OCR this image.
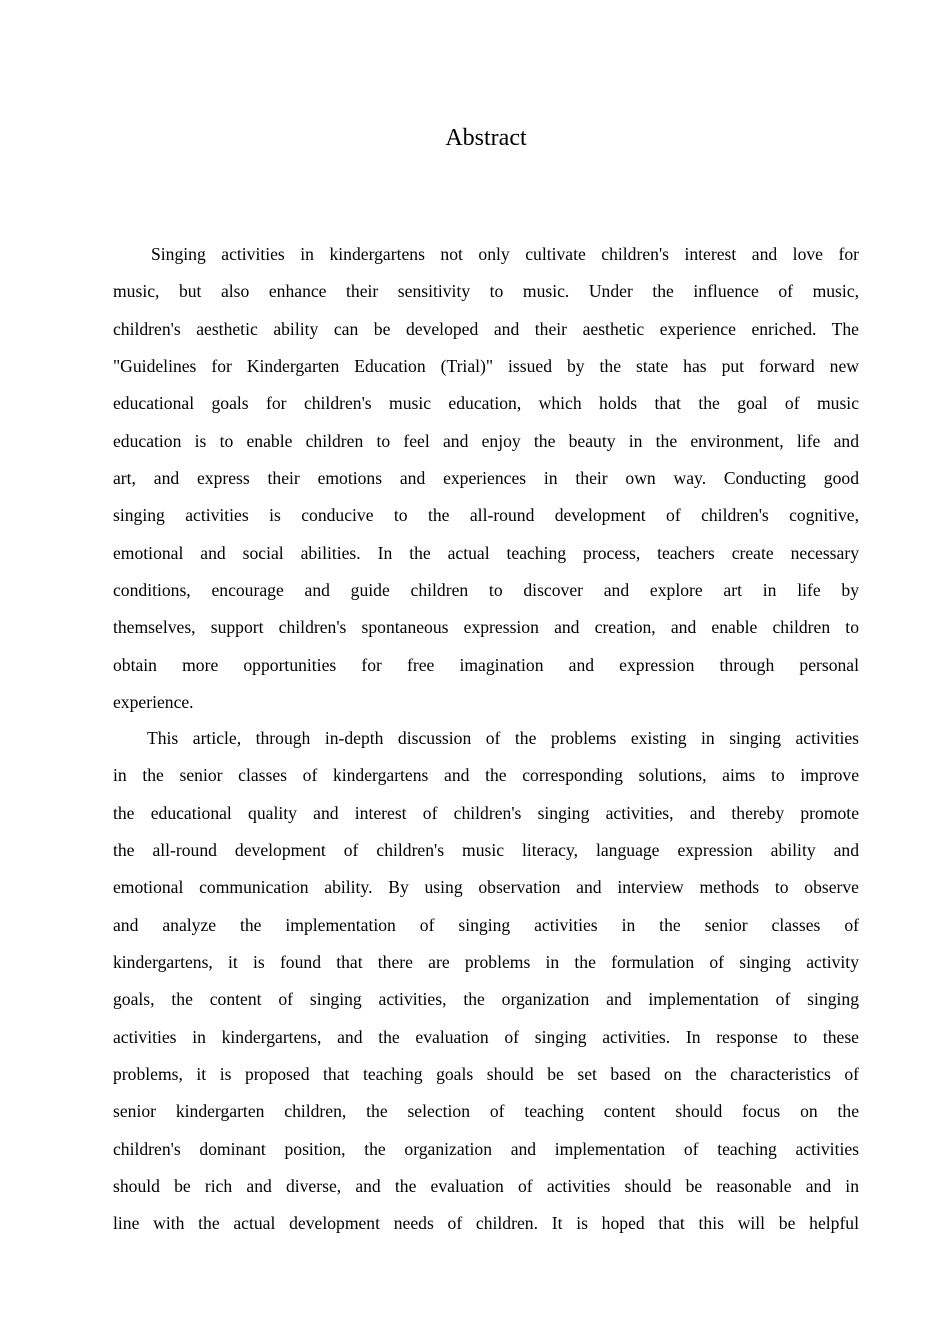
Abstract
Singing activities in kindergartens not only cultivate children's interest and love for
music, but also enhance their sensitivity to music. Under the influence of music,
children's aesthetic ability can be developed and their aesthetic experience enriched. The
"Guidelines for Kindergarten Education (Trial)" issued by the state has put forward new
educational goals for children's music education, which holds that the goal of music
education is to enable children to feel and enjoy the beauty in the environment, life and
art, and express their emotions and experiences in their own way. Conducting good
singing activities is conducive to the all-round development of children's cognitive,
emotional and social abilities. In the actual teaching process, teachers create necessary
conditions, encourage and guide children to discover and explore art in life by
themselves, support children's spontaneous expression and creation, and enable children to
obtain more opportunities for free imagination and expression through personal
experience.
This article, through in-depth discussion of the problems existing in singing activities
in the senior classes of kindergartens and the corresponding solutions, aims to improve
the educational quality and interest of children's singing activities, and thereby promote
the all-round development of children's music literacy, language expression ability and
emotional communication ability. By using observation and interview methods to observe
and analyze the implementation of singing activities in the senior classes of
kindergartens, it is found that there are problems in the formulation of singing activity
goals, the content of singing activities, the organization and implementation of singing
activities in kindergartens, and the evaluation of singing activities. In response to these
problems, it is proposed that teaching goals should be set based on the characteristics of
senior kindergarten children, the selection of teaching content should focus on the
children's dominant position, the organization and implementation of teaching activities
should be rich and diverse, and the evaluation of activities should be reasonable and in
line with the actual development needs of children. It is hoped that this will be helpful
